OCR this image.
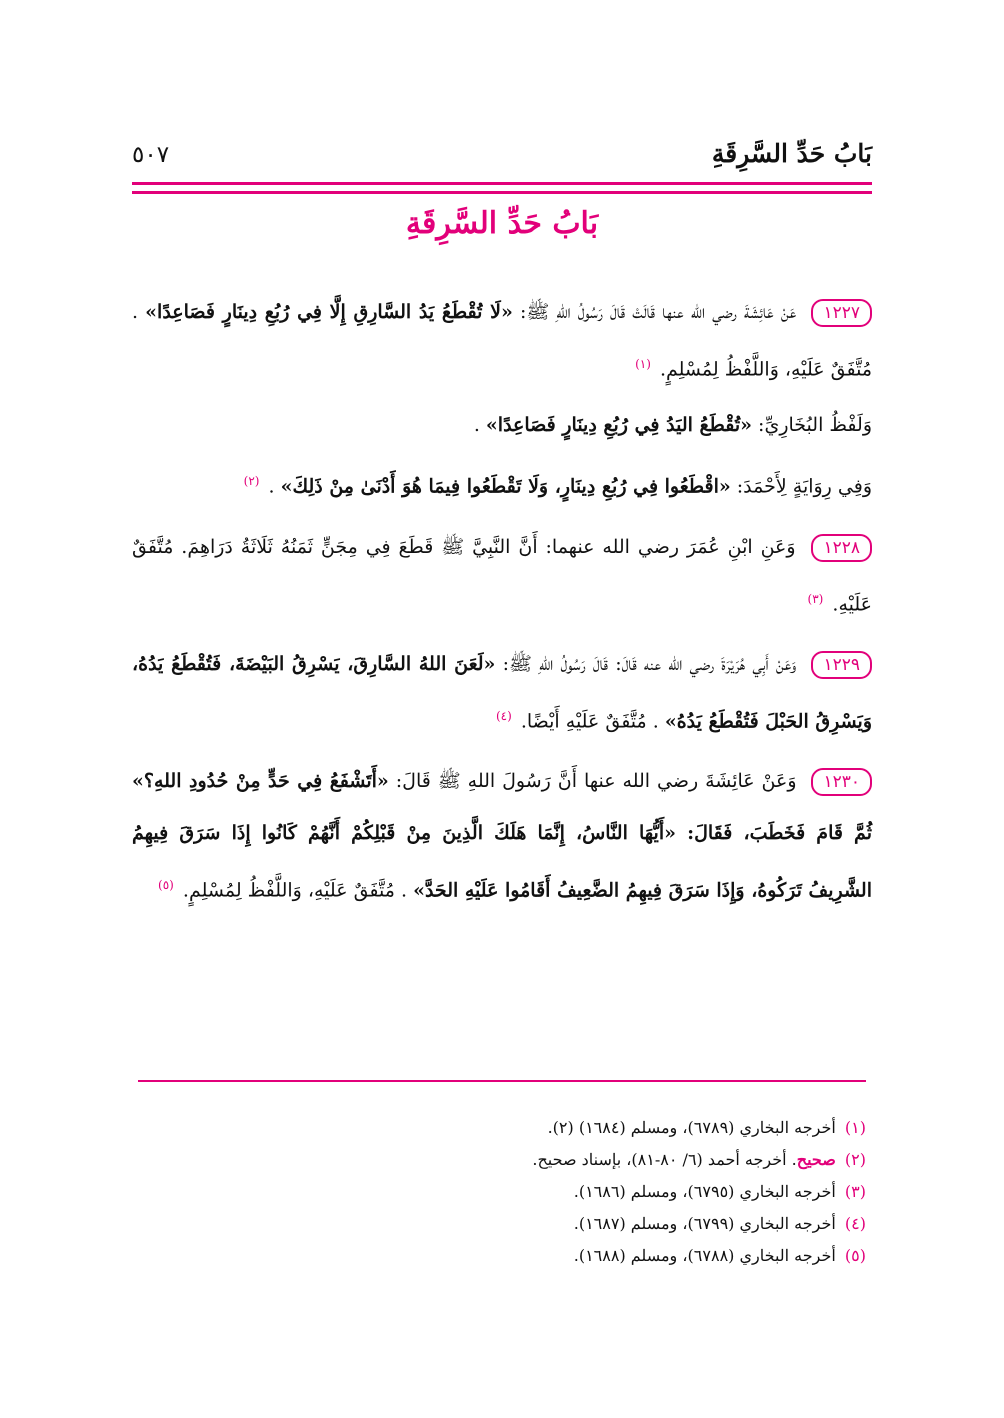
بَابُ حَدِّ السَّرِقَةِ
٥٠٧
بَابُ حَدِّ السَّرِقَةِ

١٢٢٧ عَنْ عَائِشَةَ رضي الله عنها قَالَتْ قَالَ رَسُولُ اللهِ ﷺ: «لَا تُقْطَعُ يَدُ السَّارِقِ إِلَّا فِي رُبُعِ دِينَارٍ فَصَاعِدًا» . مُتَّفَقٌ عَلَيْهِ، وَاللَّفْظُ لِمُسْلِمٍ. $^{(١)}$

وَلَفْظُ البُخَارِيِّ: «تُقْطَعُ اليَدُ فِي رُبُعِ دِينَارٍ فَصَاعِدًا» .

وَفِي رِوَايَةٍ لِأَحْمَدَ: «اقْطَعُوا فِي رُبُعِ دِينَارٍ، وَلَا تَقْطَعُوا فِيمَا هُوَ أَدْنَىٰ مِنْ ذَلِكَ» . $^{(٢)}$

١٢٢٨ وَعَنِ ابْنِ عُمَرَ رضي الله عنهما: أَنَّ النَّبِيَّ ﷺ قَطَعَ فِي مِجَنٍّ ثَمَنُهُ ثَلَاثَةُ دَرَاهِمَ. مُتَّفَقٌ عَلَيْهِ. $^{(٣)}$

١٢٢٩ وَعَنْ أَبِي هُرَيْرَةَ رضي الله عنه قَالَ: قَالَ رَسُولُ اللهِ ﷺ: «لَعَنَ اللهُ السَّارِقَ، يَسْرِقُ البَيْضَةَ، فَتُقْطَعُ يَدُهُ، وَيَسْرِقُ الحَبْلَ فَتُقْطَعُ يَدُهُ» . مُتَّفَقٌ عَلَيْهِ أَيْضًا. $^{(٤)}$

١٢٣٠ وَعَنْ عَائِشَةَ رضي الله عنها أَنَّ رَسُولَ اللهِ ﷺ قَالَ: «أَتَشْفَعُ فِي حَدٍّ مِنْ حُدُودِ اللهِ؟» ثُمَّ قَامَ فَخَطَبَ، فَقَالَ: «أَيُّهَا النَّاسُ، إِنَّمَا هَلَكَ الَّذِينَ مِنْ قَبْلِكُمْ أَنَّهُمْ كَانُوا إِذَا سَرَقَ فِيهِمُ الشَّرِيفُ تَرَكُوهُ، وَإِذَا سَرَقَ فِيهِمُ الضَّعِيفُ أَقَامُوا عَلَيْهِ الحَدَّ» . مُتَّفَقٌ عَلَيْهِ، وَاللَّفْظُ لِمُسْلِمٍ. $^{(٥)}$

(١) أخرجه البخاري (٦٧٨٩)، ومسلم (١٦٨٤) (٢).
(٢) صحيح. أخرجه أحمد (٦/ ٨٠-٨١)، بإسناد صحيح.
(٣) أخرجه البخاري (٦٧٩٥)، ومسلم (١٦٨٦).
(٤) أخرجه البخاري (٦٧٩٩)، ومسلم (١٦٨٧).
(٥) أخرجه البخاري (٦٧٨٨)، ومسلم (١٦٨٨).
